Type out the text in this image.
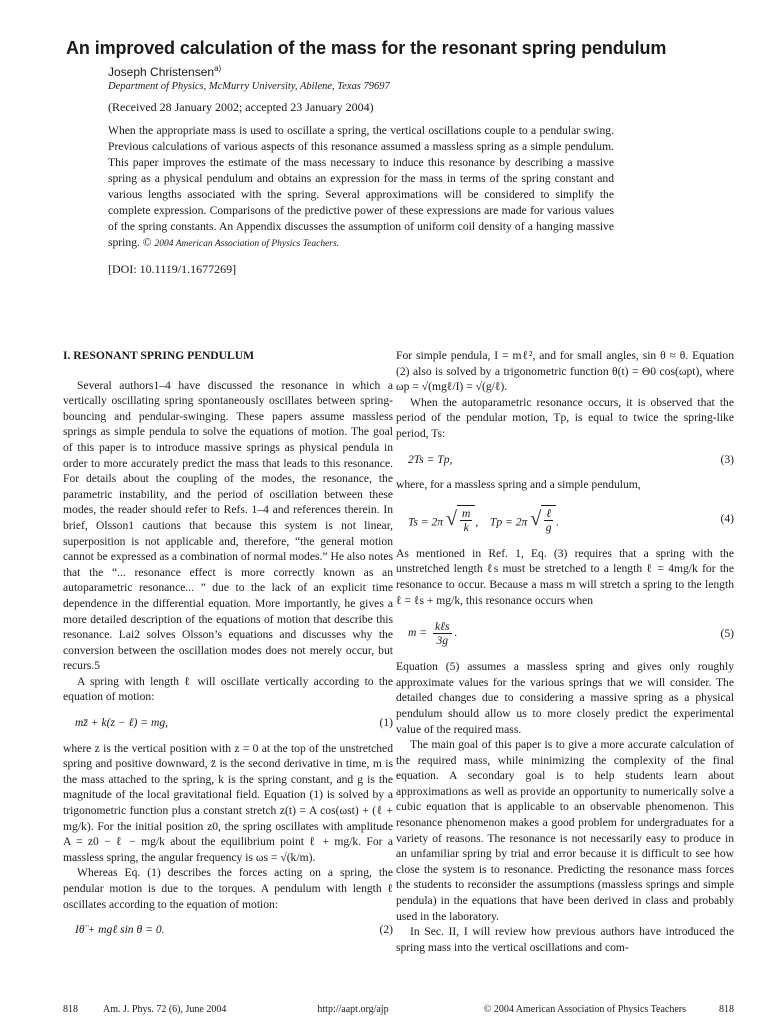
An improved calculation of the mass for the resonant spring pendulum
Joseph Christensen$^{a)}$
Department of Physics, McMurry University, Abilene, Texas 79697
(Received 28 January 2002; accepted 23 January 2004)

When the appropriate mass is used to oscillate a spring, the vertical oscillations couple to a pendular swing. Previous calculations of various aspects of this resonance assumed a massless spring as a simple pendulum. This paper improves the estimate of the mass necessary to induce this resonance by describing a massive spring as a physical pendulum and obtains an expression for the mass in terms of the spring constant and various lengths associated with the spring. Several approximations will be considered to simplify the complete expression. Comparisons of the predictive power of these expressions are made for various values of the spring constants. An Appendix discusses the assumption of uniform coil density of a hanging massive spring. © 2004 American Association of Physics Teachers.

[DOI: 10.1119/1.1677269]
I. RESONANT SPRING PENDULUM

Several authors1–4 have discussed the resonance in which a vertically oscillating spring spontaneously oscillates between spring-bouncing and pendular-swinging. These papers assume massless springs as simple pendula to solve the equations of motion. The goal of this paper is to introduce massive springs as physical pendula in order to more accurately predict the mass that leads to this resonance. For details about the coupling of the modes, the resonance, the parametric instability, and the period of oscillation between these modes, the reader should refer to Refs. 1–4 and references therein. In brief, Olsson1 cautions that because this system is not linear, superposition is not applicable and, therefore, “the general motion cannot be expressed as a combination of normal modes.” He also notes that the “... resonance effect is more correctly known as an autoparametric resonance... ” due to the lack of an explicit time dependence in the differential equation. More importantly, he gives a more detailed description of the equations of motion that describe this resonance. Lai2 solves Olsson’s equations and discusses why the conversion between the oscillation modes does not merely occur, but recurs.5

A spring with length ℓ will oscillate vertically according to the equation of motion:

mz̈ + k(z − ℓ) = mg,	(1)

where z is the vertical position with z = 0 at the top of the unstretched spring and positive downward, z̈ is the second derivative in time, m is the mass attached to the spring, k is the spring constant, and g is the magnitude of the local gravitational field. Equation (1) is solved by a trigonometric function plus a constant stretch z(t) = A cos(ωst) + (ℓ + mg/k). For the initial position z0, the spring oscillates with amplitude A = z0 − ℓ − mg/k about the equilibrium point ℓ + mg/k. For a massless spring, the angular frequency is ωs = √(k/m).

Whereas Eq. (1) describes the forces acting on a spring, the pendular motion is due to the torques. A pendulum with length ℓ oscillates according to the equation of motion:

Iθ̈ + mgℓ sin θ = 0.	(2)

For simple pendula, I = mℓ², and for small angles, sin θ ≈ θ. Equation (2) also is solved by a trigonometric function θ(t) = Θ0 cos(ωpt), where ωp = √(mgℓ/I) = √(g/ℓ).

When the autoparametric resonance occurs, it is observed that the period of the pendular motion, Tp, is equal to twice the spring-like period, Ts:

2Ts = Tp,	(3)

where, for a massless spring and a simple pendulum,

Ts = 2π √ $\frac{m}{k}$ ,    Tp = 2π √ $\frac{\text{ℓ}}{g}$ .	(4)

As mentioned in Ref. 1, Eq. (3) requires that a spring with the unstretched length ℓs must be stretched to a length ℓ = 4mg/k for the resonance to occur. Because a mass m will stretch a spring to the length ℓ = ℓs + mg/k, this resonance occurs when

$m = \frac{\text{kℓs}}{3g}$ .	(5)

Equation (5) assumes a massless spring and gives only roughly approximate values for the various springs that we will consider. The detailed changes due to considering a massive spring as a physical pendulum should allow us to more closely predict the experimental value of the required mass.

The main goal of this paper is to give a more accurate calculation of the required mass, while minimizing the complexity of the final equation. A secondary goal is to help students learn about approximations as well as provide an opportunity to numerically solve a cubic equation that is applicable to an observable phenomenon. This resonance phenomenon makes a good problem for undergraduates for a variety of reasons. The resonance is not necessarily easy to produce in an unfamiliar spring by trial and error because it is difficult to see how close the system is to resonance. Predicting the resonance mass forces the students to reconsider the assumptions (massless springs and simple pendula) in the equations that have been derived in class and probably used in the laboratory.

In Sec. II, I will review how previous authors have introduced the spring mass into the vertical oscillations and com-

818	Am. J. Phys. 72 (6), June 2004	http://aapt.org/ajp	© 2004 American Association of Physics Teachers	818
